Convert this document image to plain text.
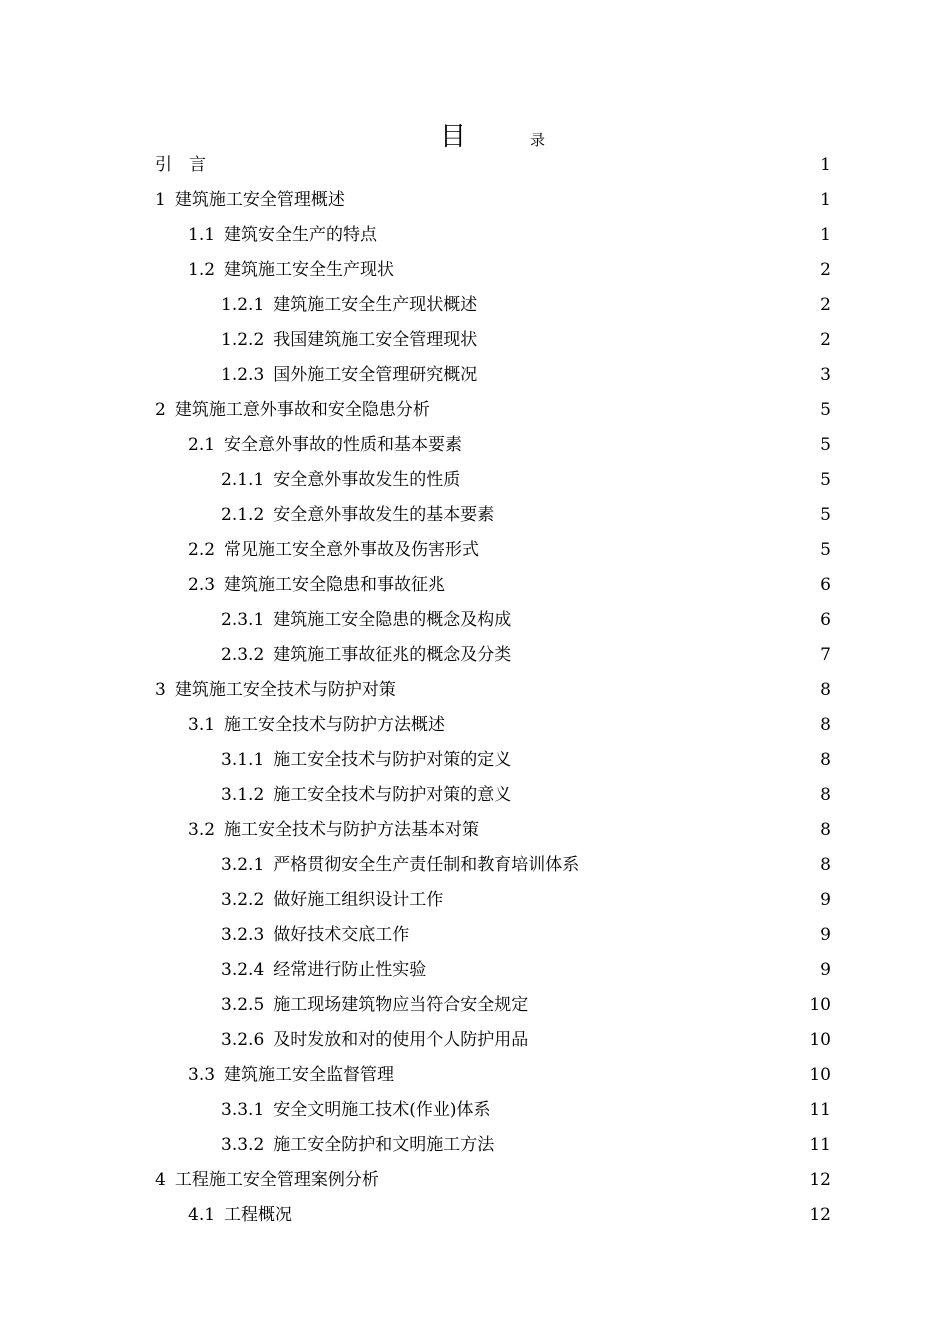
目	录
引　言	1
1 建筑施工安全管理概述	1
1.1 建筑安全生产的特点	1
1.2 建筑施工安全生产现状	2
1.2.1 建筑施工安全生产现状概述	2
1.2.2 我国建筑施工安全管理现状	2
1.2.3 国外施工安全管理研究概况	3
2 建筑施工意外事故和安全隐患分析	5
2.1 安全意外事故的性质和基本要素	5
2.1.1 安全意外事故发生的性质	5
2.1.2 安全意外事故发生的基本要素	5
2.2 常见施工安全意外事故及伤害形式	5
2.3 建筑施工安全隐患和事故征兆	6
2.3.1 建筑施工安全隐患的概念及构成	6
2.3.2 建筑施工事故征兆的概念及分类	7
3 建筑施工安全技术与防护对策	8
3.1 施工安全技术与防护方法概述	8
3.1.1 施工安全技术与防护对策的定义	8
3.1.2 施工安全技术与防护对策的意义	8
3.2 施工安全技术与防护方法基本对策	8
3.2.1 严格贯彻安全生产责任制和教育培训体系	8
3.2.2 做好施工组织设计工作	9
3.2.3 做好技术交底工作	9
3.2.4 经常进行防止性实验	9
3.2.5 施工现场建筑物应当符合安全规定	10
3.2.6 及时发放和对的使用个人防护用品	10
3.3 建筑施工安全监督管理	10
3.3.1 安全文明施工技术(作业)体系	11
3.3.2 施工安全防护和文明施工方法	11
4 工程施工安全管理案例分析	12
4.1 工程概况	12
